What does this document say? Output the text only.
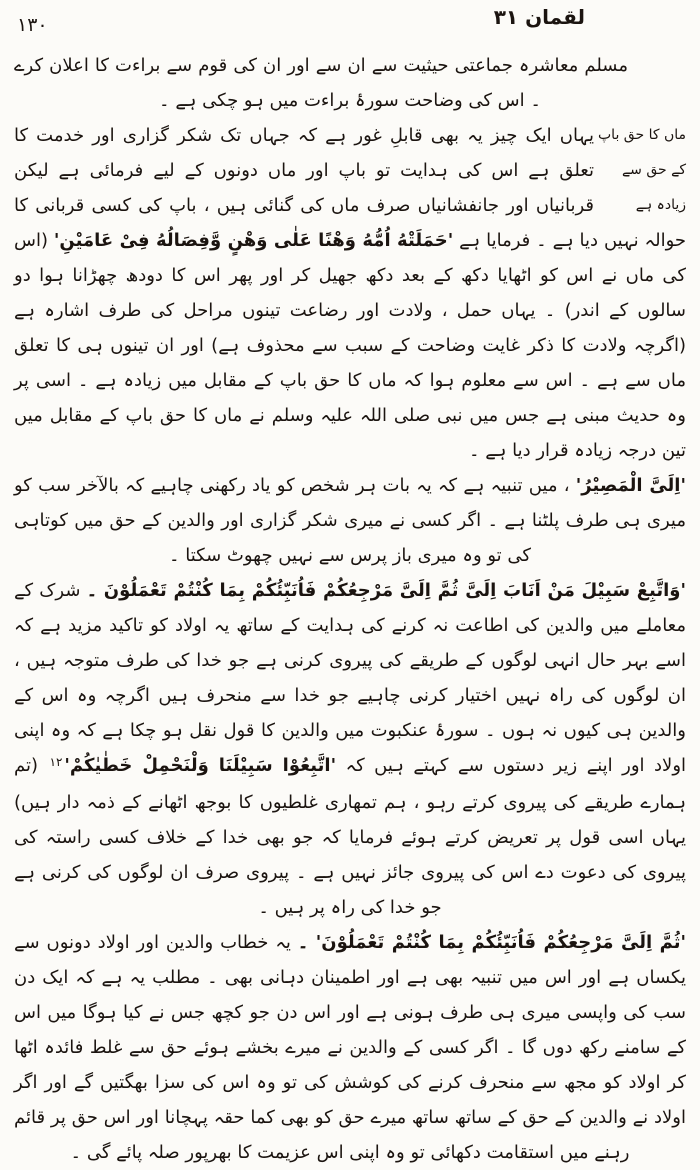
لقمان ۳۱
۱۳۰
مسلم معاشرہ جماعتی حیثیت سے ان سے اور ان کی قوم سے براءت کا اعلان کرے ۔ اس کی وضاحت سورۂ براءت میں ہو چکی ہے ۔
ماں کا حق باپ
کے حق سے
زیادہ ہے
یہاں ایک چیز یہ بھی قابلِ غور ہے کہ جہاں تک شکر گزاری اور خدمت کا تعلق ہے اس کی ہدایت تو باپ اور ماں دونوں کے لیے فرمائی ہے لیکن قربانیاں اور جانفشانیاں صرف ماں کی گنائی ہیں ، باپ کی کسی قربانی کا حوالہ نہیں دیا ہے ۔ فرمایا ہے 'حَمَلَتْهُ اُمُّهُ وَهْنًا عَلٰی وَهْنٍ وَّفِصَالُهُ فِیْ عَامَیْنِ' (اس کی ماں نے اس کو اٹھایا دکھ کے بعد دکھ جھیل کر اور پھر اس کا دودھ چھڑانا ہوا دو سالوں کے اندر) ۔ یہاں حمل ، ولادت اور رضاعت تینوں مراحل کی طرف اشارہ ہے (اگرچہ ولادت کا ذکر غایت وضاحت کے سبب سے محذوف ہے) اور ان تینوں ہی کا تعلق ماں سے ہے ۔ اس سے معلوم ہوا کہ ماں کا حق باپ کے مقابل میں زیادہ ہے ۔ اسی پر وہ حدیث مبنی ہے جس میں نبی صلی اللہ علیہ وسلم نے ماں کا حق باپ کے مقابل میں تین درجہ زیادہ قرار دیا ہے ۔
'اِلَیَّ الْمَصِیْرُ' ، میں تنبیہ ہے کہ یہ بات ہر شخص کو یاد رکھنی چاہیے کہ بالآخر سب کو میری ہی طرف پلٹنا ہے ۔ اگر کسی نے میری شکر گزاری اور والدین کے حق میں کوتاہی کی تو وہ میری باز پرس سے نہیں چھوٹ سکتا ۔
'وَاتَّبِعْ سَبِیْلَ مَنْ اَنَابَ اِلَیَّ ثُمَّ اِلَیَّ مَرْجِعُکُمْ فَاُنَبِّئُکُمْ بِمَا کُنْتُمْ تَعْمَلُوْنَ ۔ شرک کے معاملے میں والدین کی اطاعت نہ کرنے کی ہدایت کے ساتھ یہ اولاد کو تاکید مزید ہے کہ اسے بہر حال انہی لوگوں کے طریقے کی پیروی کرنی ہے جو خدا کی طرف متوجہ ہیں ، ان لوگوں کی راہ نہیں اختیار کرنی چاہیے جو خدا سے منحرف ہیں اگرچہ وہ اس کے والدین ہی کیوں نہ ہوں ۔ سورۂ عنکبوت میں والدین کا قول نقل ہو چکا ہے کہ وہ اپنی اولاد اور اپنے زیر دستوں سے کہتے ہیں کہ 'اتَّبِعُوْا سَبِیْلَنَا وَلْنَحْمِلْ $خَطٰیٰکُمْ'^{۱۲}$ (تم ہمارے طریقے کی پیروی کرتے رہو ، ہم تمھاری غلطیوں کا بوجھ اٹھانے کے ذمہ دار ہیں) یہاں اسی قول پر تعریض کرتے ہوئے فرمایا کہ جو بھی خدا کے خلاف کسی راستہ کی پیروی کی دعوت دے اس کی پیروی جائز نہیں ہے ۔ پیروی صرف ان لوگوں کی کرنی ہے جو خدا کی راہ پر ہیں ۔
'ثُمَّ اِلَیَّ مَرْجِعُکُمْ فَاُنَبِّئُکُمْ بِمَا کُنْتُمْ تَعْمَلُوْنَ' ۔ یہ خطاب والدین اور اولاد دونوں سے یکساں ہے اور اس میں تنبیہ بھی ہے اور اطمینان دہانی بھی ۔ مطلب یہ ہے کہ ایک دن سب کی واپسی میری ہی طرف ہونی ہے اور اس دن جو کچھ جس نے کیا ہوگا میں اس کے سامنے رکھ دوں گا ۔ اگر کسی کے والدین نے میرے بخشے ہوئے حق سے غلط فائدہ اٹھا کر اولاد کو مجھ سے منحرف کرنے کی کوشش کی تو وہ اس کی سزا بھگتیں گے اور اگر اولاد نے والدین کے حق کے ساتھ ساتھ میرے حق کو بھی کما حقہ پہچانا اور اس حق پر قائم رہنے میں استقامت دکھائی تو وہ اپنی اس عزیمت کا بھرپور صلہ پائے گی ۔
